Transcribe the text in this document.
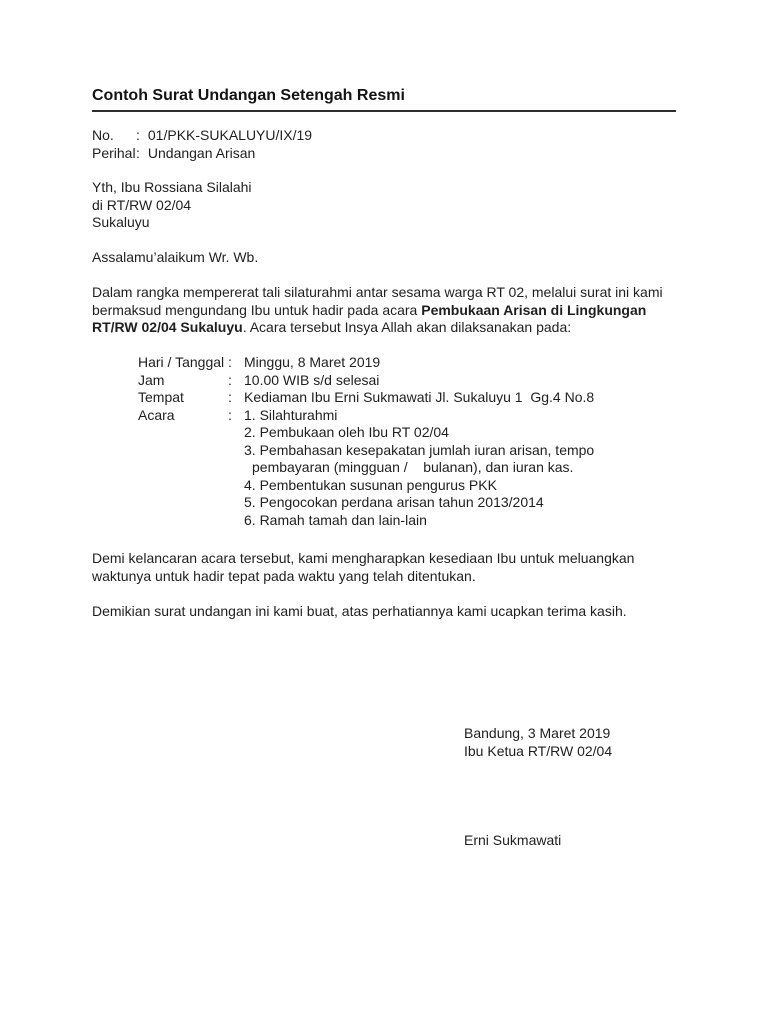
Contoh Surat Undangan Setengah Resmi
No.	: 01/PKK-SUKALUYU/IX/19
Perihal : Undangan Arisan
Yth, Ibu Rossiana Silalahi
di RT/RW 02/04
Sukaluyu
Assalamu’alaikum Wr. Wb.
Dalam rangka mempererat tali silaturahmi antar sesama warga RT 02, melalui surat ini kami
bermaksud mengundang Ibu untuk hadir pada acara Pembukaan Arisan di Lingkungan
RT/RW 02/04 Sukaluyu. Acara tersebut Insya Allah akan dilaksanakan pada:
Hari / Tanggal : Minggu, 8 Maret 2019
Jam	: 10.00 WIB s/d selesai
Tempat	: Kediaman Ibu Erni Sukmawati Jl. Sukaluyu 1  Gg.4 No.8
Acara	: 1. Silahturahmi
2. Pembukaan oleh Ibu RT 02/04
3. Pembahasan kesepakatan jumlah iuran arisan, tempo
pembayaran (mingguan /    bulanan), dan iuran kas.
4. Pembentukan susunan pengurus PKK
5. Pengocokan perdana arisan tahun 2013/2014
6. Ramah tamah dan lain-lain
Demi kelancaran acara tersebut, kami mengharapkan kesediaan Ibu untuk meluangkan
waktunya untuk hadir tepat pada waktu yang telah ditentukan.
Demikian surat undangan ini kami buat, atas perhatiannya kami ucapkan terima kasih.
Bandung, 3 Maret 2019
Ibu Ketua RT/RW 02/04
Erni Sukmawati
